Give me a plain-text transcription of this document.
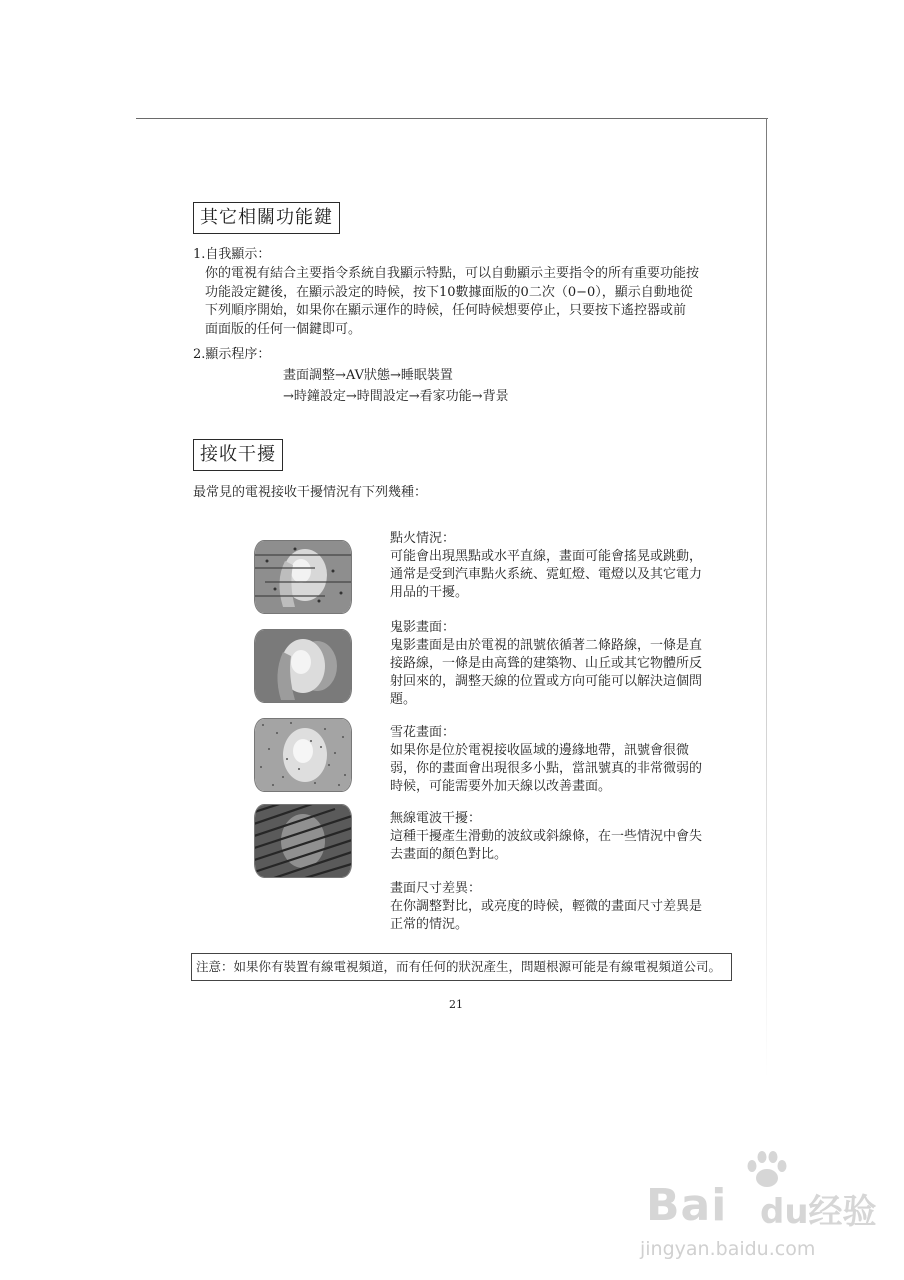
其它相關功能鍵
1.自我顯示：
你的電視有結合主要指令系統自我顯示特點，可以自動顯示主要指令的所有重要功能按
功能設定鍵後，在顯示設定的時候，按下10數據面版的0二次（0−0），顯示自動地從
下列順序開始，如果你在顯示運作的時候，任何時候想要停止，只要按下遙控器或前
面面版的任何一個鍵即可。
2.顯示程序：
畫面調整→AV狀態→睡眠裝置
→時鐘設定→時間設定→看家功能→背景
接收干擾
最常見的電視接收干擾情況有下列幾種：
點火情況：
可能會出現黑點或水平直線，畫面可能會搖晃或跳動，
通常是受到汽車點火系統、霓虹燈、電燈以及其它電力
用品的干擾。
鬼影畫面：
鬼影畫面是由於電視的訊號依循著二條路線，一條是直
接路線，一條是由高聳的建築物、山丘或其它物體所反
射回來的，調整天線的位置或方向可能可以解決這個問
題。
雪花畫面：
如果你是位於電視接收區域的邊緣地帶，訊號會很微
弱，你的畫面會出現很多小點，當訊號真的非常微弱的
時候，可能需要外加天線以改善畫面。
無線電波干擾：
這種干擾產生滑動的波紋或斜線條，在一些情況中會失
去畫面的顏色對比。
畫面尺寸差異：
在你調整對比，或亮度的時候，輕微的畫面尺寸差異是
正常的情況。
注意：如果你有裝置有線電視頻道，而有任何的狀況產生，問題根源可能是有線電視頻道公司。
21
Bai du经验
jingyan.baidu.com
